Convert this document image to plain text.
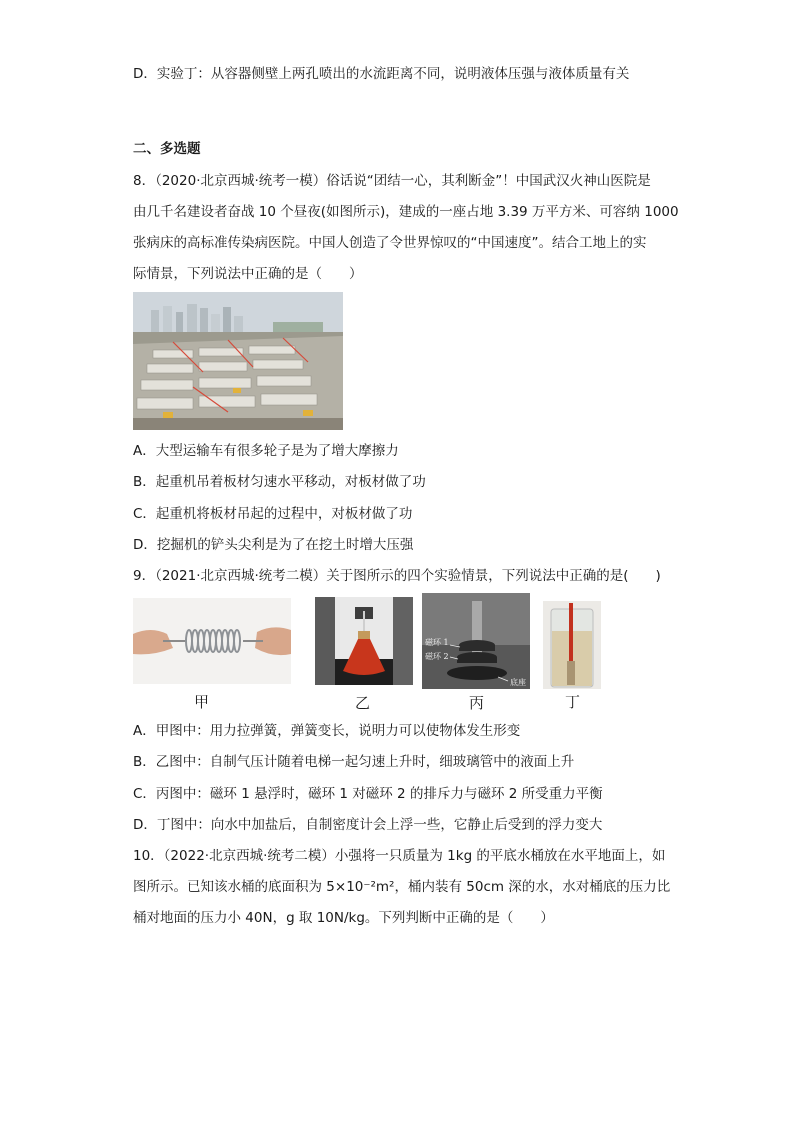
D．实验丁：从容器侧壁上两孔喷出的水流距离不同，说明液体压强与液体质量有关
二、多选题
8．（2020·北京西城·统考一模）俗话说“团结一心，其利断金”！中国武汉火神山医院是
由几千名建设者奋战 10 个昼夜(如图所示)，建成的一座占地 3.39 万平方米、可容纳 1000
张病床的高标准传染病医院。中国人创造了令世界惊叹的“中国速度”。结合工地上的实
际情景，下列说法中正确的是（　　）
A．大型运输车有很多轮子是为了增大摩擦力
B．起重机吊着板材匀速水平移动，对板材做了功
C．起重机将板材吊起的过程中，对板材做了功
D．挖掘机的铲头尖利是为了在挖土时增大压强
9．（2021·北京西城·统考二模）关于图所示的四个实验情景，下列说法中正确的是(　　)
磁环 1
磁环 2
底座
甲	乙	丙	丁
A．甲图中：用力拉弹簧，弹簧变长，说明力可以使物体发生形变
B．乙图中：自制气压计随着电梯一起匀速上升时，细玻璃管中的液面上升
C．丙图中：磁环 1 悬浮时，磁环 1 对磁环 2 的排斥力与磁环 2 所受重力平衡
D．丁图中：向水中加盐后，自制密度计会上浮一些，它静止后受到的浮力变大
10．（2022·北京西城·统考二模）小强将一只质量为 1kg 的平底水桶放在水平地面上，如
图所示。已知该水桶的底面积为 5×10⁻²m²，桶内装有 50cm 深的水，水对桶底的压力比
桶对地面的压力小 40N，g 取 10N/kg。下列判断中正确的是（　　）
